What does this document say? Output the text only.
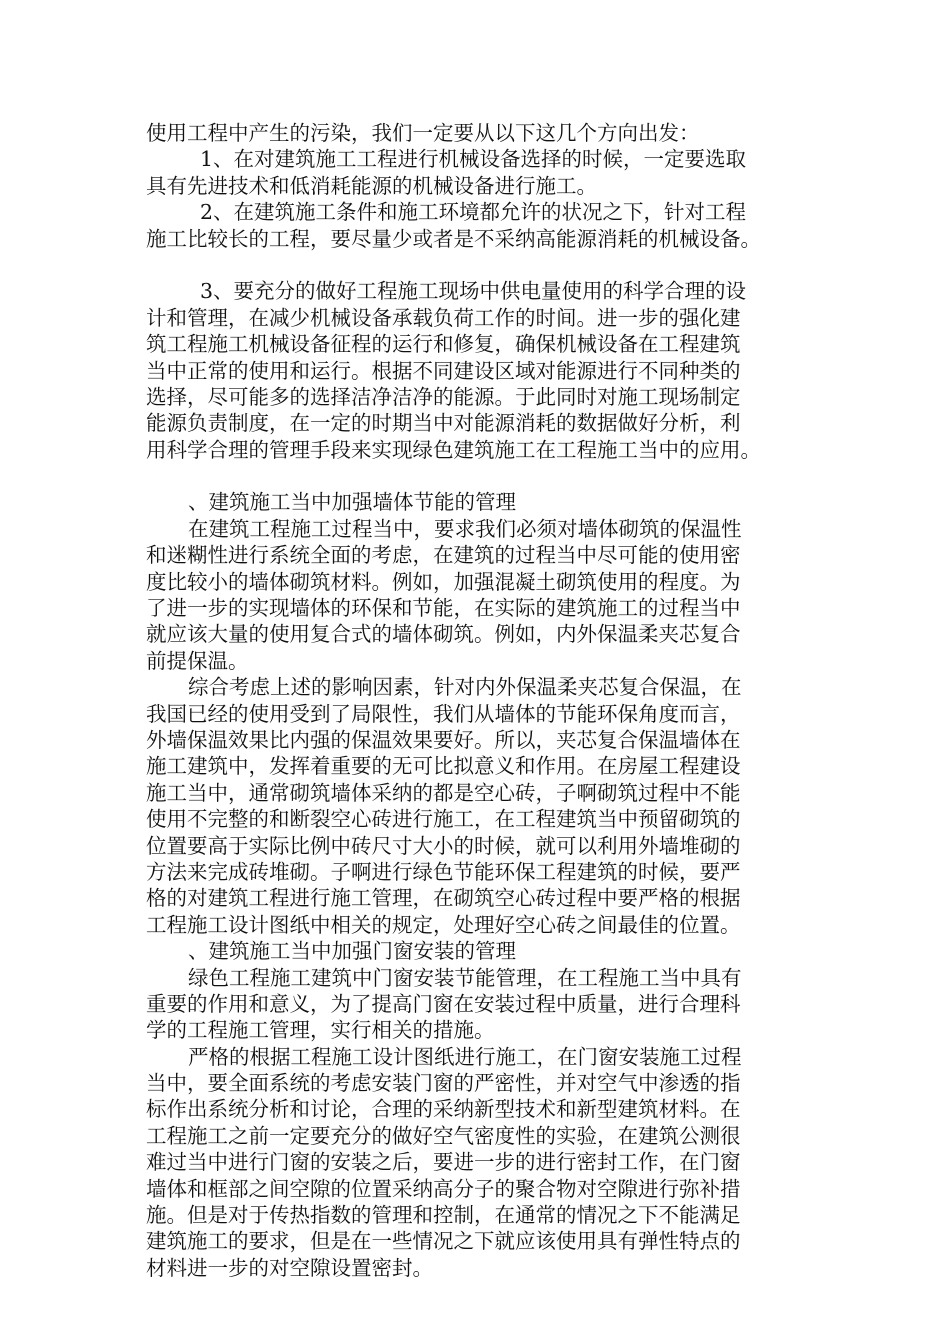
使用工程中产生的污染，我们一定要从以下这几个方向出发：
1、在对建筑施工工程进行机械设备选择的时候，一定要选取
具有先进技术和低消耗能源的机械设备进行施工。
2、在建筑施工条件和施工环境都允许的状况之下，针对工程
施工比较长的工程，要尽量少或者是不采纳高能源消耗的机械设备。
3、要充分的做好工程施工现场中供电量使用的科学合理的设
计和管理，在减少机械设备承载负荷工作的时间。进一步的强化建
筑工程施工机械设备征程的运行和修复，确保机械设备在工程建筑
当中正常的使用和运行。根据不同建设区域对能源进行不同种类的
选择，尽可能多的选择洁净洁净的能源。于此同时对施工现场制定
能源负责制度，在一定的时期当中对能源消耗的数据做好分析，利
用科学合理的管理手段来实现绿色建筑施工在工程施工当中的应用。
、建筑施工当中加强墙体节能的管理
在建筑工程施工过程当中，要求我们必须对墙体砌筑的保温性
和迷糊性进行系统全面的考虑，在建筑的过程当中尽可能的使用密
度比较小的墙体砌筑材料。例如，加强混凝土砌筑使用的程度。为
了进一步的实现墙体的环保和节能，在实际的建筑施工的过程当中
就应该大量的使用复合式的墙体砌筑。例如，内外保温柔夹芯复合
前提保温。
综合考虑上述的影响因素，针对内外保温柔夹芯复合保温，在
我国已经的使用受到了局限性，我们从墙体的节能环保角度而言，
外墙保温效果比内强的保温效果要好。所以，夹芯复合保温墙体在
施工建筑中，发挥着重要的无可比拟意义和作用。在房屋工程建设
施工当中，通常砌筑墙体采纳的都是空心砖，子啊砌筑过程中不能
使用不完整的和断裂空心砖进行施工，在工程建筑当中预留砌筑的
位置要高于实际比例中砖尺寸大小的时候，就可以利用外墙堆砌的
方法来完成砖堆砌。子啊进行绿色节能环保工程建筑的时候，要严
格的对建筑工程进行施工管理，在砌筑空心砖过程中要严格的根据
工程施工设计图纸中相关的规定，处理好空心砖之间最佳的位置。
、建筑施工当中加强门窗安装的管理
绿色工程施工建筑中门窗安装节能管理，在工程施工当中具有
重要的作用和意义，为了提高门窗在安装过程中质量，进行合理科
学的工程施工管理，实行相关的措施。
严格的根据工程施工设计图纸进行施工，在门窗安装施工过程
当中，要全面系统的考虑安装门窗的严密性，并对空气中渗透的指
标作出系统分析和讨论，合理的采纳新型技术和新型建筑材料。在
工程施工之前一定要充分的做好空气密度性的实验，在建筑公测很
难过当中进行门窗的安装之后，要进一步的进行密封工作，在门窗
墙体和框部之间空隙的位置采纳高分子的聚合物对空隙进行弥补措
施。但是对于传热指数的管理和控制，在通常的情况之下不能满足
建筑施工的要求，但是在一些情况之下就应该使用具有弹性特点的
材料进一步的对空隙设置密封。
